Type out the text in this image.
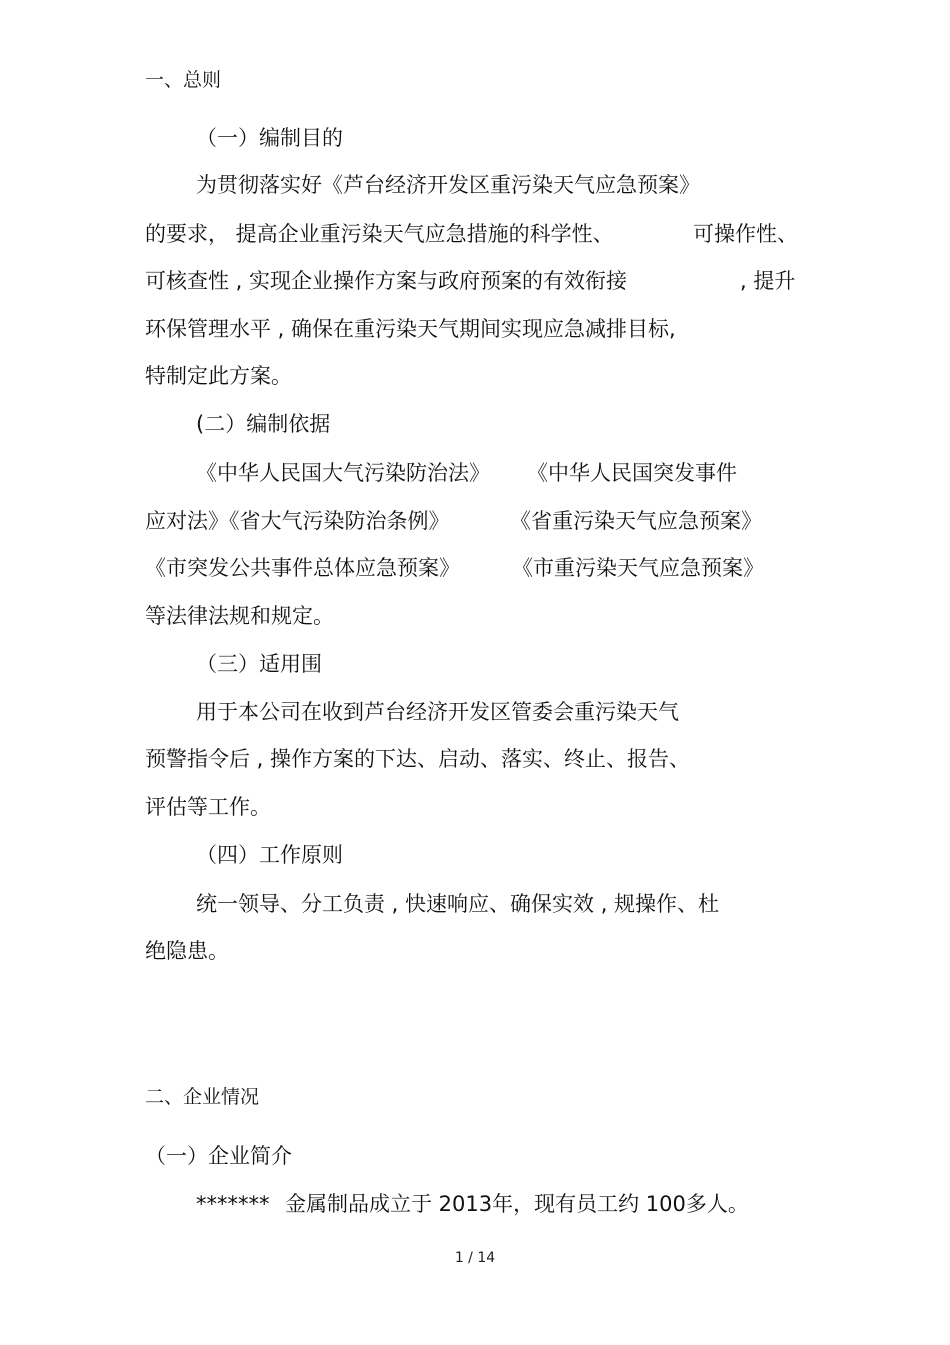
一、总则
（一）编制目的
为贯彻落实好《芦台经济开发区重污染天气应急预案》
的要求， 提高企业重污染天气应急措施的科学性、	可操作性、
可核查性 , 实现企业操作方案与政府预案的有效衔接	, 提升
环保管理水平 , 确保在重污染天气期间实现应急减排目标,
特制定此方案。
(二）编制依据
《中华人民国大气污染防治法》 《中华人民国突发事件
应对法》《省大气污染防治条例》	《省重污染天气应急预案》
《市突发公共事件总体应急预案》 《市重污染天气应急预案》
等法律法规和规定。
（三）适用围
用于本公司在收到芦台经济开发区管委会重污染天气
预警指令后 , 操作方案的下达、启动、落实、终止、报告、
评估等工作。
（四）工作原则
统一领导、分工负责 , 快速响应、确保实效 , 规操作、杜
绝隐患。
二、企业情况
（一）企业简介
******* 金属制品成立于 2013年，现有员工约 100多人。
1 / 14
